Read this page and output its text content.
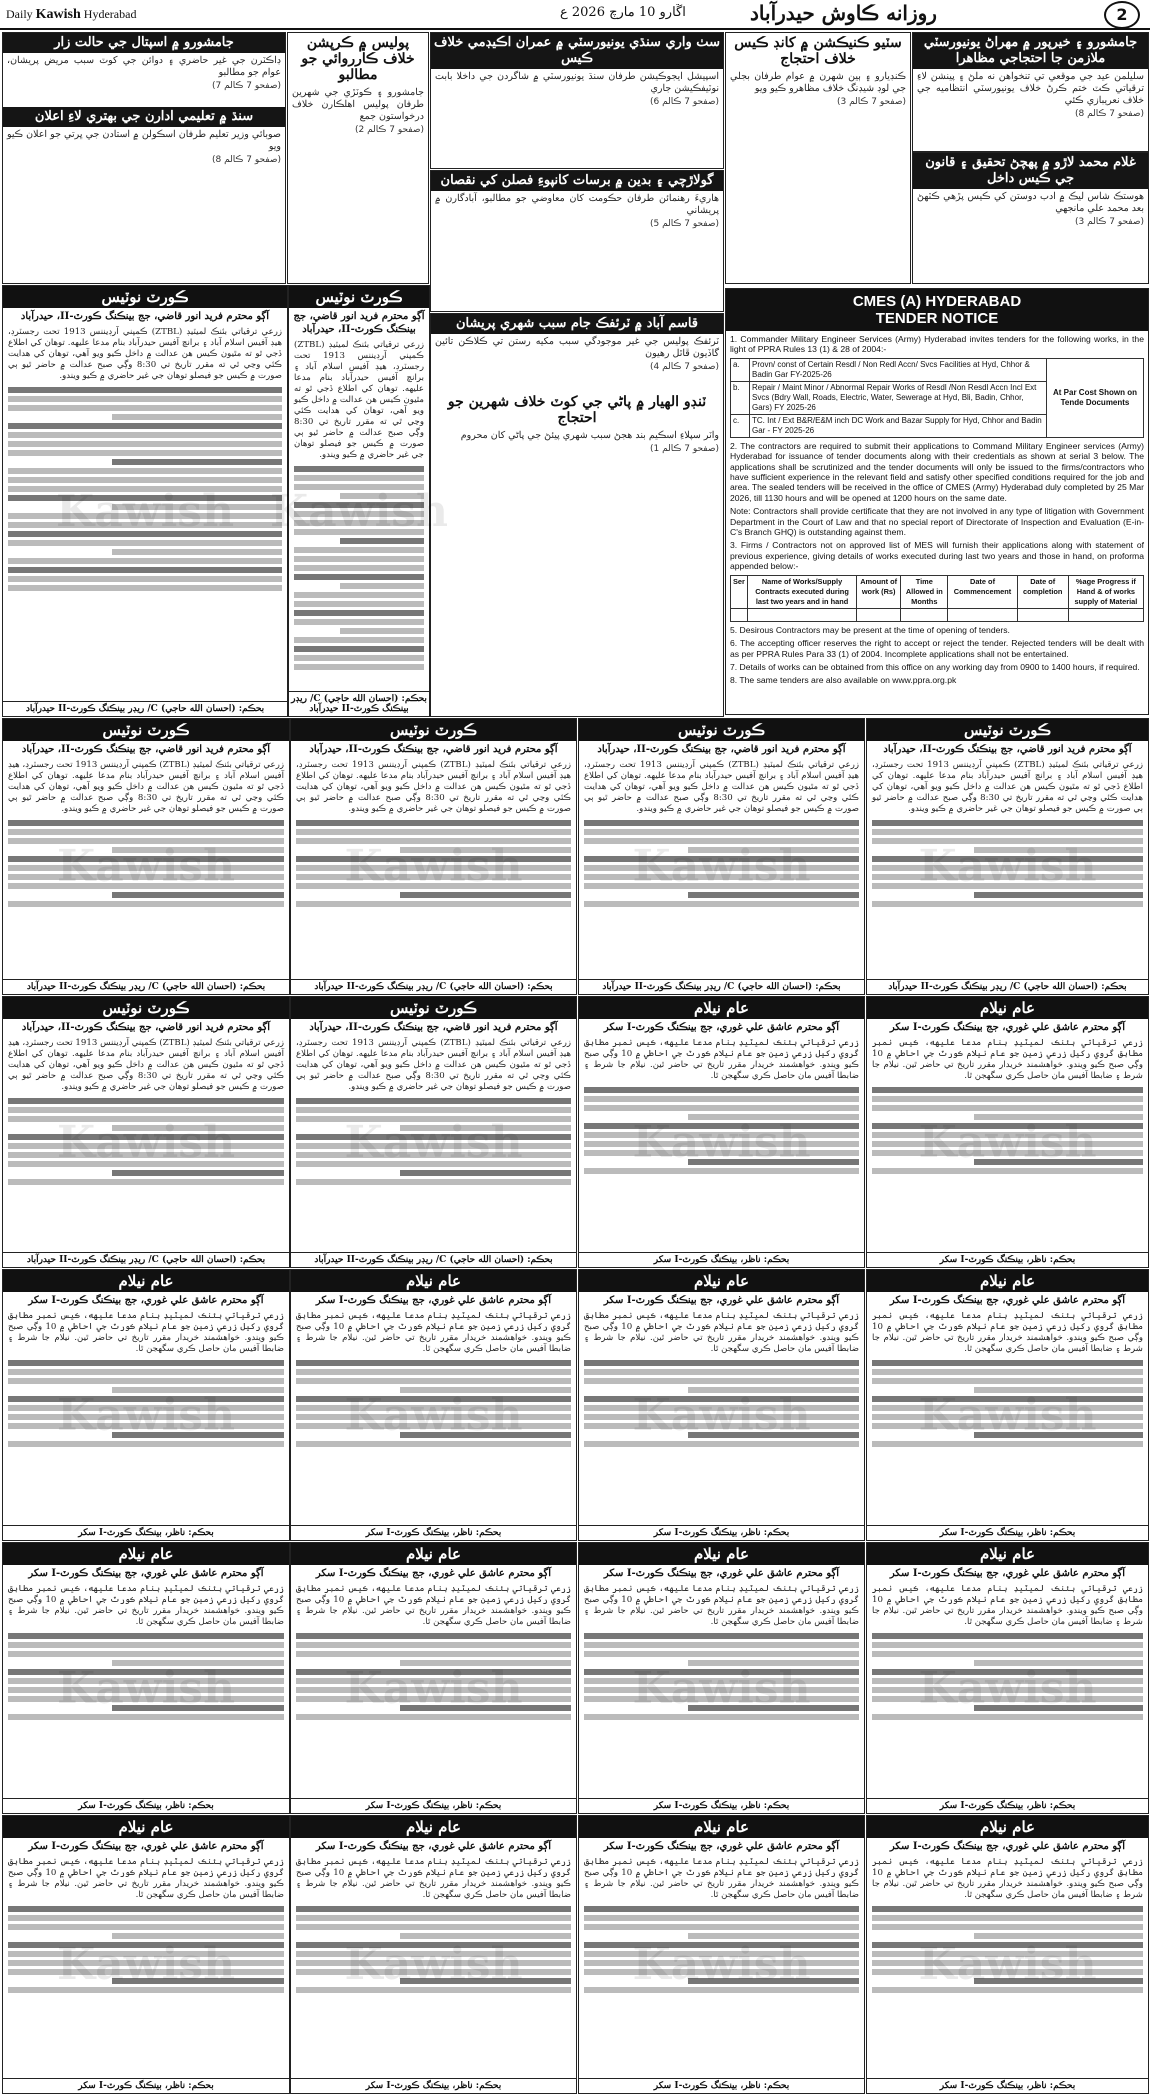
Daily Kawish Hyderabad	اڱارو 10 مارچ 2026 ع	روزانه ڪاوش حيدرآباد	2
جامشورو ۽ خيرپور ۾ مهراڻ يونيورسٽي ملازمن جا احتجاجي مظاهرا
سليلمن عيد جي موقعي تي تنخواهن نه ملڻ ۽ پينشن لاءِ ترقياتي ڪٽ ختم ڪرڻ خلاف يونيورسٽي انتظاميه جي خلاف نعريبازي ڪئي
(صفحو 7 ڪالم 8)
غلام محمد لاڙو ۾ پهچڻ تحقيق ۽ قانون جي ڪيس داخل
هوستڪ شاس ليڪ ۾ ادب دوستن کي ڪيس پڙهي ڪٽهڻ بعد محمد علي مانجهي
(صفحو 7 ڪالم 3)
سٽيو ڪنيڪشن ۾ کانڊ ڪيس خلاف احتجاج
ڪنڊيارو ۽ ٻين شهرن ۾ عوام طرفان بجلي جي لوڊ شيڊنگ خلاف مظاهرو ڪيو ويو
(صفحو 7 ڪالم 3)
سٺ واري سنڌي يونيورسٽي ۾ عمران اڪيڊمي خلاف ڪيس
اسپيشل ايجوڪيشن طرفان سنڌ يونيورسٽي ۾ شاگردن جي داخلا بابت نوٽيفڪيشن جاري
(صفحو 7 ڪالم 6)
گولاڙچي ۽ بدين ۾ برسات کانپوءِ فصلن کي نقصان
هاريءَ رهنمائن طرفان حڪومت کان معاوضي جو مطالبو، آبادگارن ۾ پريشاني
(صفحو 7 ڪالم 5)
قاسم آباد ۾ ٽرئفڪ جام سبب شهري پريشان
ٽرئفڪ پوليس جي غير موجودگي سبب مکيه رستن تي ڪلاڪن تائين گاڏيون ڦاٿل رهيون
(صفحو 7 ڪالم 4)
ٽنڊو الهيار ۾ پاڻي جي کوٽ خلاف شهرين جو احتجاج
واٽر سپلاءِ اسڪيم بند هجڻ سبب شهري پيئڻ جي پاڻي کان محروم
(صفحو 7 ڪالم 1)
پولیس ۾ ڪرپشن خلاف ڪارروائي جو مطالبو
جامشورو ۽ ڪوٽڙي جي شهرين طرفان پوليس اهلڪارن خلاف درخواستون جمع
(صفحو 7 ڪالم 2)
جامشورو ۾ اسپتال جي حالت زار
ڊاڪٽرن جي غير حاضري ۽ دوائن جي کوٽ سبب مريض پريشان، عوام جو مطالبو
(صفحو 7 ڪالم 7)
سنڌ ۾ تعليمي ادارن جي بهتري لاءِ اعلان
صوبائي وزير تعليم طرفان اسڪولن ۾ استادن جي ڀرتي جو اعلان ڪيو ويو
(صفحو 7 ڪالم 8)
CMES (A) HYDERABAD
TENDER NOTICE

1. Commander Military Engineer Services (Army) Hyderabad invites tenders for the following works, in the light of PPRA Rules 13 (1) & 28 of 2004:-

a.	Provn/ const of Certain Resdl / Non Redl Accn/ Svcs Facilities at Hyd, Chhor & Badin Gar FY-2025-26	At Par Cost Shown on Tende Documents
b.	Repair / Maint Minor / Abnormal Repair Works of Resdl /Non Resdl Accn Incl Ext Svcs (Bdry Wall, Roads, Electric, Water, Sewerage at Hyd, Bli, Badin, Chhor, Gars) FY 2025-26	
c.	TC. Int / Ext B&R/E&M inch DC Work and Bazar Supply for Hyd, Chhor and Badin Gar - FY 2025-26	

2. The contractors are required to submit their applications to Command Military Engineer services (Army) Hyderabad for issuance of tender documents along with their credentials as shown at serial 3 below. The applications shall be scrutinized and the tender documents will only be issued to the firms/contractors who have sufficient experience in the relevant field and satisfy other specified conditions required for the job and area. The sealed tenders will be received in the office of CMES (Army) Hyderabad duly completed by 25 Mar 2026, till 1130 hours and will be opened at 1200 hours on the same date.

Note: Contractors shall provide certificate that they are not involved in any type of litigation with Government Department in the Court of Law and that no special report of Directorate of Inspection and Evaluation (E-in-C's Branch GHQ) is outstanding against them.

3. Firms / Contractors not on approved list of MES will furnish their applications along with statement of previous experience, giving details of works executed during last two years and those in hand, on proforma appended below:-

Ser	Name of Works/Supply Contracts executed during last two years and in hand	Amount of work (Rs)	Time Allowed in Months	Date of Commencement	Date of completion	%age Progress if Hand & of works supply of Material

5. Desirous Contractors may be present at the time of opening of tenders.

6. The accepting officer reserves the right to accept or reject the tender. Rejected tenders will be dealt with as per PPRA Rules Para 33 (1) of 2004. Incomplete applications shall not be entertained.

7. Details of works can be obtained from this office on any working day from 0900 to 1400 hours, if required.

8. The same tenders are also available on www.ppra.org.pk

Kawish
ڪورٽ نوٽيس
آڳو محترم فريد انور قاضي، جج بينڪنگ ڪورٽ-II، حيدرآباد
زرعي ترقياتي بئنڪ لميٽيڊ (ZTBL) ڪمپني آرڊيننس 1913 تحت رجسٽرڊ، هيڊ آفيس اسلام آباد ۽ برانچ آفيس حيدرآباد بنام مدعا عليهه. توهان کي اطلاع ڏجي ٿو ته مٿيون ڪيس هن عدالت ۾ داخل ڪيو ويو آهي، توهان کي هدايت ڪئي وڃي ٿي ته مقرر تاريخ تي 8:30 وڳي صبح عدالت ۾ حاضر ٿيو ٻي صورت ۾ ڪيس جو فيصلو توهان جي غير حاضري ۾ ڪيو ويندو.
بحڪم: (احسان الله حاجي) C/ ريڊر بينڪنگ ڪورٽ-II حيدرآباد
ڪورٽ نوٽيس
آڳو محترم فريد انور قاضي، جج بينڪنگ ڪورٽ-II، حيدرآباد
زرعي ترقياتي بئنڪ لميٽيڊ (ZTBL) ڪمپني آرڊيننس 1913 تحت رجسٽرڊ، هيڊ آفيس اسلام آباد ۽ برانچ آفيس حيدرآباد بنام مدعا عليهه. توهان کي اطلاع ڏجي ٿو ته مٿيون ڪيس هن عدالت ۾ داخل ڪيو ويو آهي، توهان کي هدايت ڪئي وڃي ٿي ته مقرر تاريخ تي 8:30 وڳي صبح عدالت ۾ حاضر ٿيو ٻي صورت ۾ ڪيس جو فيصلو توهان جي غير حاضري ۾ ڪيو ويندو.
بحڪم: (احسان الله حاجي) C/ ريڊر بينڪنگ ڪورٽ-II حيدرآباد
ڪورٽ نوٽيس
آڳو محترم فريد انور قاضي، جج بينڪنگ ڪورٽ-II، حيدرآباد
زرعي ترقياتي بئنڪ لميٽيڊ (ZTBL) ڪمپني آرڊيننس 1913 تحت رجسٽرڊ، هيڊ آفيس اسلام آباد ۽ برانچ آفيس حيدرآباد بنام مدعا عليهه. توهان کي اطلاع ڏجي ٿو ته مٿيون ڪيس هن عدالت ۾ داخل ڪيو ويو آهي، توهان کي هدايت ڪئي وڃي ٿي ته مقرر تاريخ تي 8:30 وڳي صبح عدالت ۾ حاضر ٿيو ٻي صورت ۾ ڪيس جو فيصلو توهان جي غير حاضري ۾ ڪيو ويندو.
بحڪم: (احسان الله حاجي) C/ ريڊر بينڪنگ ڪورٽ-II حيدرآباد
ڪورٽ نوٽيس
آڳو محترم فريد انور قاضي، جج بينڪنگ ڪورٽ-II، حيدرآباد
زرعي ترقياتي بئنڪ لميٽيڊ (ZTBL) ڪمپني آرڊيننس 1913 تحت رجسٽرڊ، هيڊ آفيس اسلام آباد ۽ برانچ آفيس حيدرآباد بنام مدعا عليهه. توهان کي اطلاع ڏجي ٿو ته مٿيون ڪيس هن عدالت ۾ داخل ڪيو ويو آهي، توهان کي هدايت ڪئي وڃي ٿي ته مقرر تاريخ تي 8:30 وڳي صبح عدالت ۾ حاضر ٿيو ٻي صورت ۾ ڪيس جو فيصلو توهان جي غير حاضري ۾ ڪيو ويندو.
بحڪم: (احسان الله حاجي) C/ ريڊر بينڪنگ ڪورٽ-II حيدرآباد
ڪورٽ نوٽيس
آڳو محترم فريد انور قاضي، جج بينڪنگ ڪورٽ-II، حيدرآباد
زرعي ترقياتي بئنڪ لميٽيڊ (ZTBL) ڪمپني آرڊيننس 1913 تحت رجسٽرڊ، هيڊ آفيس اسلام آباد ۽ برانچ آفيس حيدرآباد بنام مدعا عليهه. توهان کي اطلاع ڏجي ٿو ته مٿيون ڪيس هن عدالت ۾ داخل ڪيو ويو آهي، توهان کي هدايت ڪئي وڃي ٿي ته مقرر تاريخ تي 8:30 وڳي صبح عدالت ۾ حاضر ٿيو ٻي صورت ۾ ڪيس جو فيصلو توهان جي غير حاضري ۾ ڪيو ويندو.
بحڪم: (احسان الله حاجي) C/ ريڊر بينڪنگ ڪورٽ-II حيدرآباد
ڪورٽ نوٽيس
آڳو محترم فريد انور قاضي، جج بينڪنگ ڪورٽ-II، حيدرآباد
زرعي ترقياتي بئنڪ لميٽيڊ (ZTBL) ڪمپني آرڊيننس 1913 تحت رجسٽرڊ، هيڊ آفيس اسلام آباد ۽ برانچ آفيس حيدرآباد بنام مدعا عليهه. توهان کي اطلاع ڏجي ٿو ته مٿيون ڪيس هن عدالت ۾ داخل ڪيو ويو آهي، توهان کي هدايت ڪئي وڃي ٿي ته مقرر تاريخ تي 8:30 وڳي صبح عدالت ۾ حاضر ٿيو ٻي صورت ۾ ڪيس جو فيصلو توهان جي غير حاضري ۾ ڪيو ويندو.
بحڪم: (احسان الله حاجي) C/ ريڊر بينڪنگ ڪورٽ-II حيدرآباد
Kawish
ڪورٽ نوٽيس
آڳو محترم فريد انور قاضي، جج بينڪنگ ڪورٽ-II، حيدرآباد
زرعي ترقياتي بئنڪ لميٽيڊ (ZTBL) ڪمپني آرڊيننس 1913 تحت رجسٽرڊ، هيڊ آفيس اسلام آباد ۽ برانچ آفيس حيدرآباد بنام مدعا عليهه. توهان کي اطلاع ڏجي ٿو ته مٿيون ڪيس هن عدالت ۾ داخل ڪيو ويو آهي، توهان کي هدايت ڪئي وڃي ٿي ته مقرر تاريخ تي 8:30 وڳي صبح عدالت ۾ حاضر ٿيو ٻي صورت ۾ ڪيس جو فيصلو توهان جي غير حاضري ۾ ڪيو ويندو.
بحڪم: (احسان الله حاجي) C/ ريڊر بينڪنگ ڪورٽ-II حيدرآباد
Kawish
ڪورٽ نوٽيس
آڳو محترم فريد انور قاضي، جج بينڪنگ ڪورٽ-II، حيدرآباد
زرعي ترقياتي بئنڪ لميٽيڊ (ZTBL) ڪمپني آرڊيننس 1913 تحت رجسٽرڊ، هيڊ آفيس اسلام آباد ۽ برانچ آفيس حيدرآباد بنام مدعا عليهه. توهان کي اطلاع ڏجي ٿو ته مٿيون ڪيس هن عدالت ۾ داخل ڪيو ويو آهي، توهان کي هدايت ڪئي وڃي ٿي ته مقرر تاريخ تي 8:30 وڳي صبح عدالت ۾ حاضر ٿيو ٻي صورت ۾ ڪيس جو فيصلو توهان جي غير حاضري ۾ ڪيو ويندو.
بحڪم: (احسان الله حاجي) C/ ريڊر بينڪنگ ڪورٽ-II حيدرآباد
عام نيلام
آڳو محترم عاشق علي غوري، جج بينڪنگ ڪورٽ-I سکر
زرعي ترقياتي بئنڪ لميٽيڊ بنام مدعا عليهه، ڪيس نمبر مطابق گروي رکيل زرعي زمين جو عام نيلام ڪورٽ جي احاطي ۾ 10 وڳي صبح ڪيو ويندو. خواهشمند خريدار مقرر تاريخ تي حاضر ٿين. نيلام جا شرط ۽ ضابطا آفيس مان حاصل ڪري سگهجن ٿا.
بحڪم: ناظر، بينڪنگ ڪورٽ-I سکر
عام نيلام
آڳو محترم عاشق علي غوري، جج بينڪنگ ڪورٽ-I سکر
زرعي ترقياتي بئنڪ لميٽيڊ بنام مدعا عليهه، ڪيس نمبر مطابق گروي رکيل زرعي زمين جو عام نيلام ڪورٽ جي احاطي ۾ 10 وڳي صبح ڪيو ويندو. خواهشمند خريدار مقرر تاريخ تي حاضر ٿين. نيلام جا شرط ۽ ضابطا آفيس مان حاصل ڪري سگهجن ٿا.
بحڪم: ناظر، بينڪنگ ڪورٽ-I سکر
عام نيلام
آڳو محترم عاشق علي غوري، جج بينڪنگ ڪورٽ-I سکر
زرعي ترقياتي بئنڪ لميٽيڊ بنام مدعا عليهه، ڪيس نمبر مطابق گروي رکيل زرعي زمين جو عام نيلام ڪورٽ جي احاطي ۾ 10 وڳي صبح ڪيو ويندو. خواهشمند خريدار مقرر تاريخ تي حاضر ٿين. نيلام جا شرط ۽ ضابطا آفيس مان حاصل ڪري سگهجن ٿا.
بحڪم: ناظر، بينڪنگ ڪورٽ-I سکر
عام نيلام
آڳو محترم عاشق علي غوري، جج بينڪنگ ڪورٽ-I سکر
زرعي ترقياتي بئنڪ لميٽيڊ بنام مدعا عليهه، ڪيس نمبر مطابق گروي رکيل زرعي زمين جو عام نيلام ڪورٽ جي احاطي ۾ 10 وڳي صبح ڪيو ويندو. خواهشمند خريدار مقرر تاريخ تي حاضر ٿين. نيلام جا شرط ۽ ضابطا آفيس مان حاصل ڪري سگهجن ٿا.
بحڪم: ناظر، بينڪنگ ڪورٽ-I سکر
عام نيلام
آڳو محترم عاشق علي غوري، جج بينڪنگ ڪورٽ-I سکر
زرعي ترقياتي بئنڪ لميٽيڊ بنام مدعا عليهه، ڪيس نمبر مطابق گروي رکيل زرعي زمين جو عام نيلام ڪورٽ جي احاطي ۾ 10 وڳي صبح ڪيو ويندو. خواهشمند خريدار مقرر تاريخ تي حاضر ٿين. نيلام جا شرط ۽ ضابطا آفيس مان حاصل ڪري سگهجن ٿا.
بحڪم: ناظر، بينڪنگ ڪورٽ-I سکر
عام نيلام
آڳو محترم عاشق علي غوري، جج بينڪنگ ڪورٽ-I سکر
زرعي ترقياتي بئنڪ لميٽيڊ بنام مدعا عليهه، ڪيس نمبر مطابق گروي رکيل زرعي زمين جو عام نيلام ڪورٽ جي احاطي ۾ 10 وڳي صبح ڪيو ويندو. خواهشمند خريدار مقرر تاريخ تي حاضر ٿين. نيلام جا شرط ۽ ضابطا آفيس مان حاصل ڪري سگهجن ٿا.
بحڪم: ناظر، بينڪنگ ڪورٽ-I سکر
عام نيلام
آڳو محترم عاشق علي غوري، جج بينڪنگ ڪورٽ-I سکر
زرعي ترقياتي بئنڪ لميٽيڊ بنام مدعا عليهه، ڪيس نمبر مطابق گروي رکيل زرعي زمين جو عام نيلام ڪورٽ جي احاطي ۾ 10 وڳي صبح ڪيو ويندو. خواهشمند خريدار مقرر تاريخ تي حاضر ٿين. نيلام جا شرط ۽ ضابطا آفيس مان حاصل ڪري سگهجن ٿا.
بحڪم: ناظر، بينڪنگ ڪورٽ-I سکر
عام نيلام
آڳو محترم عاشق علي غوري، جج بينڪنگ ڪورٽ-I سکر
زرعي ترقياتي بئنڪ لميٽيڊ بنام مدعا عليهه، ڪيس نمبر مطابق گروي رکيل زرعي زمين جو عام نيلام ڪورٽ جي احاطي ۾ 10 وڳي صبح ڪيو ويندو. خواهشمند خريدار مقرر تاريخ تي حاضر ٿين. نيلام جا شرط ۽ ضابطا آفيس مان حاصل ڪري سگهجن ٿا.
بحڪم: ناظر، بينڪنگ ڪورٽ-I سکر
عام نيلام
آڳو محترم عاشق علي غوري، جج بينڪنگ ڪورٽ-I سکر
زرعي ترقياتي بئنڪ لميٽيڊ بنام مدعا عليهه، ڪيس نمبر مطابق گروي رکيل زرعي زمين جو عام نيلام ڪورٽ جي احاطي ۾ 10 وڳي صبح ڪيو ويندو. خواهشمند خريدار مقرر تاريخ تي حاضر ٿين. نيلام جا شرط ۽ ضابطا آفيس مان حاصل ڪري سگهجن ٿا.
بحڪم: ناظر، بينڪنگ ڪورٽ-I سکر
عام نيلام
آڳو محترم عاشق علي غوري، جج بينڪنگ ڪورٽ-I سکر
زرعي ترقياتي بئنڪ لميٽيڊ بنام مدعا عليهه، ڪيس نمبر مطابق گروي رکيل زرعي زمين جو عام نيلام ڪورٽ جي احاطي ۾ 10 وڳي صبح ڪيو ويندو. خواهشمند خريدار مقرر تاريخ تي حاضر ٿين. نيلام جا شرط ۽ ضابطا آفيس مان حاصل ڪري سگهجن ٿا.
بحڪم: ناظر، بينڪنگ ڪورٽ-I سکر
عام نيلام
آڳو محترم عاشق علي غوري، جج بينڪنگ ڪورٽ-I سکر
زرعي ترقياتي بئنڪ لميٽيڊ بنام مدعا عليهه، ڪيس نمبر مطابق گروي رکيل زرعي زمين جو عام نيلام ڪورٽ جي احاطي ۾ 10 وڳي صبح ڪيو ويندو. خواهشمند خريدار مقرر تاريخ تي حاضر ٿين. نيلام جا شرط ۽ ضابطا آفيس مان حاصل ڪري سگهجن ٿا.
بحڪم: ناظر، بينڪنگ ڪورٽ-I سکر
عام نيلام
آڳو محترم عاشق علي غوري، جج بينڪنگ ڪورٽ-I سکر
زرعي ترقياتي بئنڪ لميٽيڊ بنام مدعا عليهه، ڪيس نمبر مطابق گروي رکيل زرعي زمين جو عام نيلام ڪورٽ جي احاطي ۾ 10 وڳي صبح ڪيو ويندو. خواهشمند خريدار مقرر تاريخ تي حاضر ٿين. نيلام جا شرط ۽ ضابطا آفيس مان حاصل ڪري سگهجن ٿا.
بحڪم: ناظر، بينڪنگ ڪورٽ-I سکر
عام نيلام
آڳو محترم عاشق علي غوري، جج بينڪنگ ڪورٽ-I سکر
زرعي ترقياتي بئنڪ لميٽيڊ بنام مدعا عليهه، ڪيس نمبر مطابق گروي رکيل زرعي زمين جو عام نيلام ڪورٽ جي احاطي ۾ 10 وڳي صبح ڪيو ويندو. خواهشمند خريدار مقرر تاريخ تي حاضر ٿين. نيلام جا شرط ۽ ضابطا آفيس مان حاصل ڪري سگهجن ٿا.
بحڪم: ناظر، بينڪنگ ڪورٽ-I سکر
عام نيلام
آڳو محترم عاشق علي غوري، جج بينڪنگ ڪورٽ-I سکر
زرعي ترقياتي بئنڪ لميٽيڊ بنام مدعا عليهه، ڪيس نمبر مطابق گروي رکيل زرعي زمين جو عام نيلام ڪورٽ جي احاطي ۾ 10 وڳي صبح ڪيو ويندو. خواهشمند خريدار مقرر تاريخ تي حاضر ٿين. نيلام جا شرط ۽ ضابطا آفيس مان حاصل ڪري سگهجن ٿا.
بحڪم: ناظر، بينڪنگ ڪورٽ-I سکر
